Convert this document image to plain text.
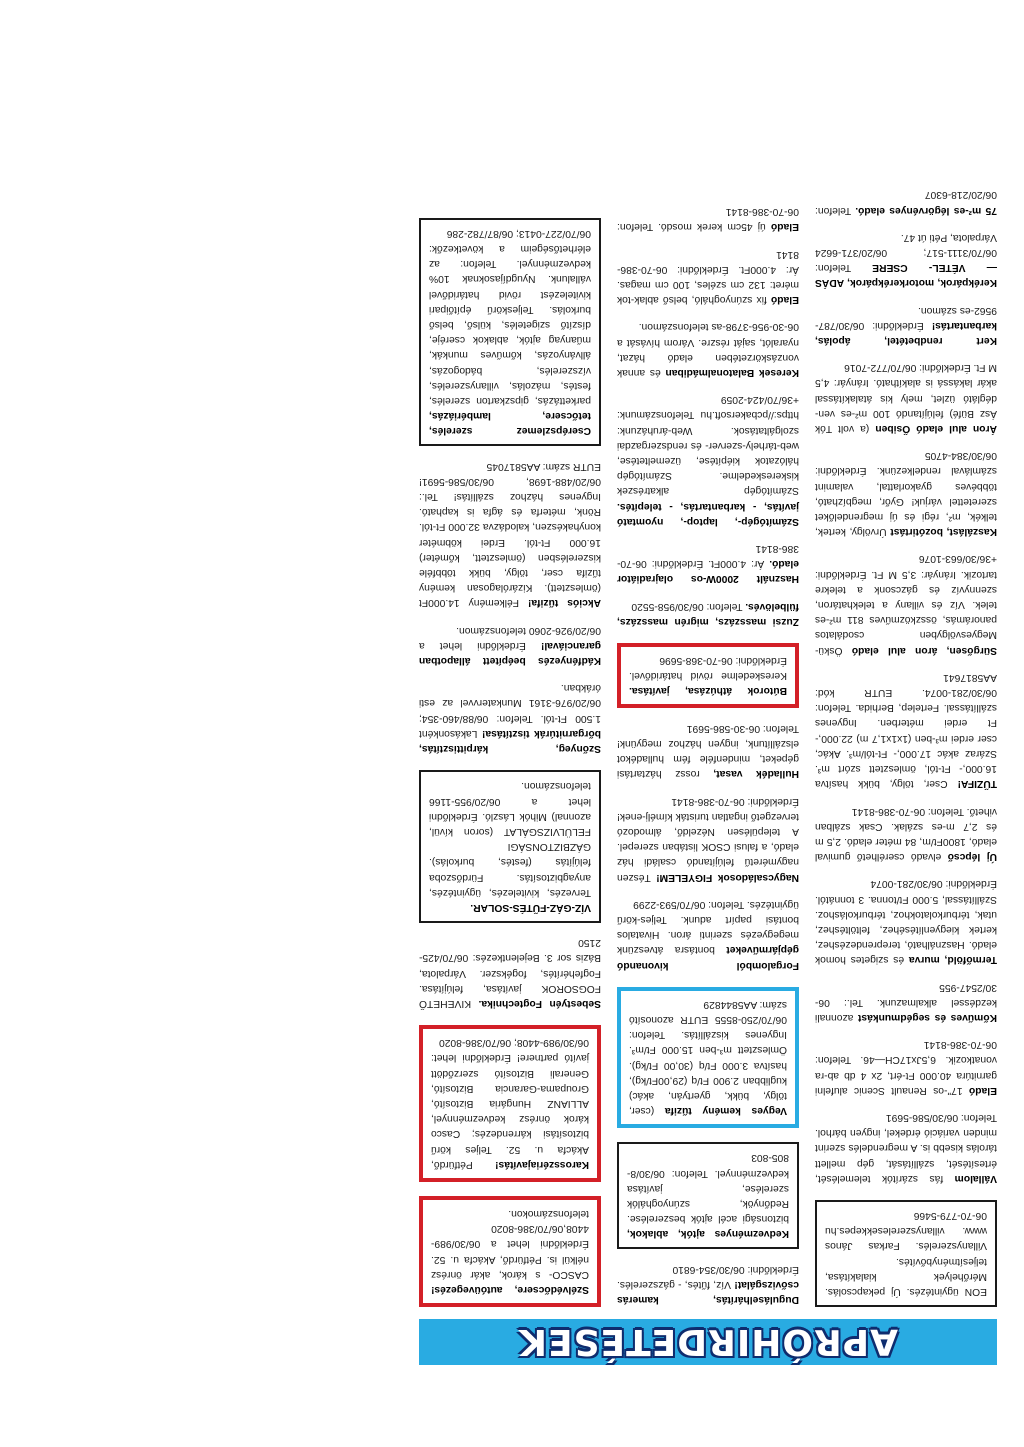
APRÓHIRDETÉSEK

EON ügyintézés. Új pekapcsolás. Mérőhelyek kialakítása, teljesítménybővítés. Villanyszerelés. Farkas János www. villanyszerelesekkepes.hu 06-70-779-5466

Vállalom fás szárítók telemelését, értesítését, szállítását, gép mellett tárolás kisebb is. A megrendelés szerint minden variáció érdekel, ingyen bárhol. Telefon: 06/30/586-5691

Eladó 17"-os Renault Scenic alufelni garnitúra 40.000 Ft-ért, 2x 4 db ab-ra vonatkozik. 6,5Jx17CH—46. Telefon: 06-70-386-8141

Kőműves és segédmunkást azonnali kezdéssel alkalmazunk. Tel.: 06-30/2547-955

Termőföld, murva és szigetes homok eladó. Használható, tereprendezéshez, kertek kiegyenlítéséhez, feltöltéshez, utak, térburkolatokhoz, térburkoláshoz. Szállítással, 5.000 Ft/tonna. 3 tonnától. Érdeklődni: 06/30/281-0074

Új lépcső elvadó cserélhető gumival eladó, 1800Ft/m, 84 méter eladó. 2,5 m és 2,7 m-es szálak. Csak szálban vihető. Telefon: 06-70-386-8141

TŰZIFA! Cser, tölgy, bükk hasítva 16.000,- Ft-tól, ömlesztett szórt m³. Száraz akác 17.000,- Ft-tól/m³. Akác, cser erdei m³-ben (1x1x1,7 m) 22.000,- Ft erdei méterben. Ingyenes szállítással. Fertelep, Berhida. Telefon: 06/30/281-0074. EUTR kód: AA5817641

Sürgősen, áron alul eladó Öskü-Megyesvölgyben csodálatos panorámás, összközműves 811 m²-es telek. Víz és villany a telekhatáron, szennyvíz és gázcsonk a telekre tartozik. Irányár: 3,5 M Ft. Érdeklődni: +36/30/663-1076

Kaszálást, bozótirtást Úrvölgy, kertek, telkék, m², régi és új megrendelőket szeretettel várjuk! Győr, megbízható, többéves gyakorlattal, valamint számlával rendelkezünk. Érdeklődni: 06/30/384-4705

Áron alul eladó Ősiben (a volt Tók Ász Büfé) felújítandó 100 m²-es ven-déglátó üzlet, mely kis átalakítással akár lakássá is alakítható. Irányár: 4,5 M Ft. Érdeklődni: 06/70/772-7016

Kert rendbetétel, ápolás, karbantartás! Érdeklődni: 06/30/787-9562-es számon.

Kerékpárok, motorkerékpárok, ADÁS — VÉTEL- CSERE Telefon: 06/70/3111-517; 06/20/371-6624 Várpalota, Péti út 47.

75 m²-es légörvényes eladó. Telefon: 06/20/218-6307

Duguláselhárítás, kamerás csővizsgálat! Víz, fűtés, - gázszerelés. Érdeklődni: 06/30/354-6810

Kedvezményes ajtók, ablakok, biztonsági acél ajtók beszerelése. Redőnyök, szúnyoghálók szerelése, javítása kedvezménnyel. Telefon: 06/30/8-805-803

Vegyes kemény tűzifa (cser, tölgy, bükk, gyertyán, akác) kuglibban 2.900 Ft/q (29,00Ft/kg), hasítva 3.000 Ft/q (30,00 Ft/kg). Ömlesztett m³-ben 15.000 Ft/m³. Ingyenes kiszállítás. Telefon: 06/70/250-8555 EUTR azonosító szám: AA5844829

Forgalomból kivonandó gépjárműveket bontásra átveszünk megegyezés szerinti áron. Hivatalos bontási papírt adunk. Teljes-körű ügyintézés. Telefon: 06/70/593-2299

Nagycsaládosok FIGYELEM! Tészen nagyméretű felújítandó családi ház eladó, a falusi CSOK listában szerepel. A településen Nézeldő, álmodozó tervezgető ingatlan turisták kímélj-enek! Érdeklődni: 06-70-386-8141

Hulladék vasat, rossz háztartási gépeket, mindenféle fém hulladékot elszállítunk, ingyen házhoz megyünk! Telefon: 06-30-586-5691

Bútorok áthúzása, javítása. Kereskedelme rövid határidővel. Érdeklődni: 06-70-368-5696

Zuzsi masszázs, migrén masszázs, fülbelövés. Telefon: 06/30/958-5520

Használt 2000W-os olajradiátor eladó. Ár: 4.000Ft. Érdeklődni: 06-70-386-8141

Számítógép-, laptop-, nyomtató javítás, - karbantartás, - telepítés. Számítógép alkatrészek kiskereskedelme. Számítógép hálózatok kiépítése, üzemeltetése, web-tárhely-szerver- és rendszergazdai szolgáltatások. Web-áruházunk: https://pcbakersoft.hu Telefonszámunk: +36/70/424-2059

Keresek Balatonalmádiban és annak vonzáskörzetében eladó házat, nyaralót, saját részre. Várom hívását a 06-30-956-3798-as telefonszámon.

Eladó fix szúnyogháló, belső ablak-tok méret: 132 cm széles, 100 cm magas. Ár: 4.000Ft. Érdeklődni: 06-70-386-8141

Eladó új 45cm kerek mosdó. Telefon: 06-70-386-8141

Szélvédőcsere, autóüvegezés! CASCO- s károk, akár önrész nélkül is. Pétfürdő, Akácfa u. 52. Érdeklődni lehet a 06/30/989-4408,06/70/386-8020 telefonszámokon.

Karosszériajavítás! Pétfürdő, Akácfa u. 52. Teljes körű biztosítási kárrendezés; Casco károk önrész kedvezménnyel, ALLIANZ Hungária Biztosító, Groupama-Garancia Biztosító, Generali Biztosító szerződött javító partnere! Érdeklődni lehet: 06/30/989-4408; 06/70/386-8020

Sebestyén Fogtechnika. KIVEHETŐ FOGSOROK javítása, felújítása. Fogfehérítés, fogékszer. Várpalota, Bázis sor 3. Bejelentkezés: 06/70/425-2150

VÍZ-GÁZ-FŰTÉS-SOLAR. Tervezés, kivitelezés, ügyintézés, anyagbiztosítás. Fürdőszoba felújítás (festés, burkolás). GÁZBIZTONSÁGI FELÜLVIZSGÁLAT (soron kívül, azonnal) Mihók László. Érdeklődni lehet a 06/20/955-1166 telefonszámon.

Szőnyeg, kárpittisztítás, bőrgarnitúrák tisztítása! Lakásonként 1.500 Ft-tól. Telefon: 06/88/460-354; 06/20/976-3161 Munkatervvel az esti órákban.

Kádfényezés beépített állapotban garanciával! Érdeklődni lehet a 06/20/926-2060 telefonszámon.

Akciós tűzifa! Félkemény 14.000Ft (ömlesztett). Kizárólagosan kemény tűzifa cser, tölgy, bükk többféle kiszerelésben (ömlesztett, kőméter) 16.000 Ft-tól. Erdei köbméter konyhakészen, kalodázva 32.000 Ft-tól. Rönk, méterfa és ágfa is kapható. Ingyenes házhoz szállítás! Tel.: 06/20/488-1698, 06/30/586-5691! EUTR szám: AA5817045

Cserépszlemez szerelés, tetőcsere, lambériázás, parkettázás, gipszkarton szerelés, festés, mázolás, villanyszerelés, vízszerelés, bádogozás, állványozás, kőműves munkák, műanyag ajtók, ablakok cseréje, díszítő szigetelés, külső, belső burkolás. Teljeskörű építőipari kivitelezést rövid határidővel vállalunk. Nyugdíjasoknak 10% kedvezménnyel. Telefon: az elérhetőségeim a következők: 06/70/227-0413; 06/87/782-286
